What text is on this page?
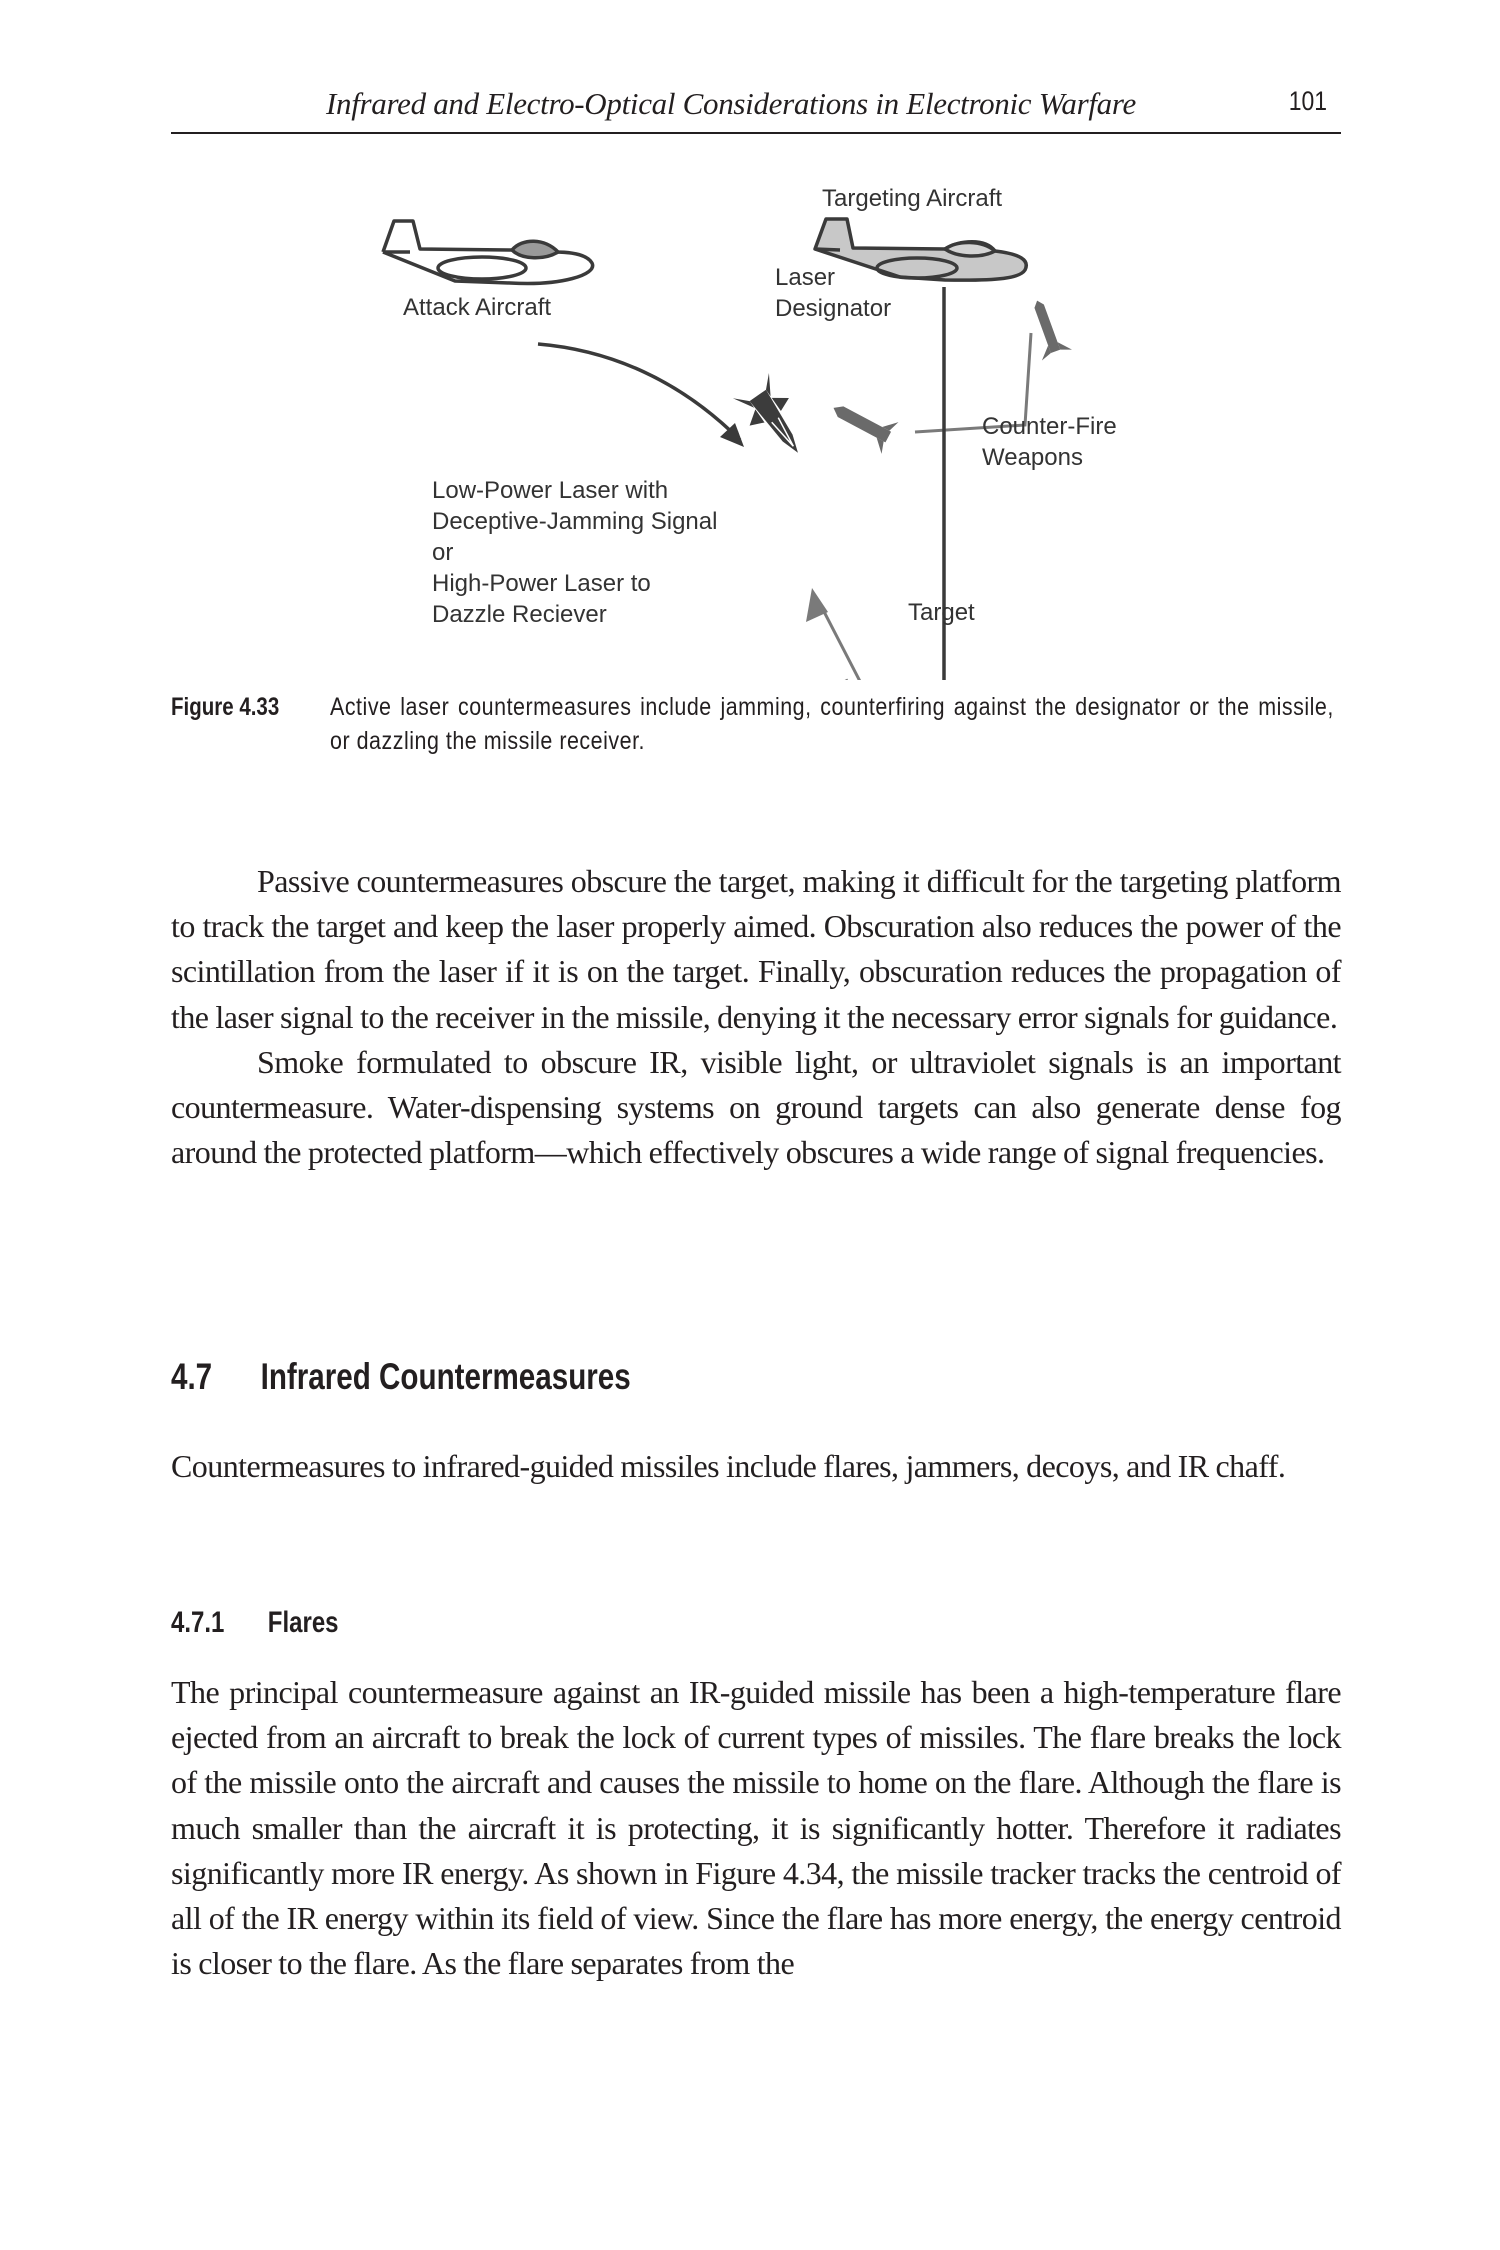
Infrared and Electro-Optical Considerations in Electronic Warfare	101
Targeting Aircraft
Attack Aircraft
Laser
Designator
Counter-Fire
Weapons
Low-Power Laser with
Deceptive-Jamming Signal
or
High-Power Laser to
Dazzle Reciever	Target
Figure 4.33 Active laser countermeasures include jamming, counterfiring against the designator or the missile, or dazzling the missile receiver.

Passive countermeasures obscure the target, making it difficult for the targeting platform to track the target and keep the laser properly aimed. Obscuration also reduces the power of the scintillation from the laser if it is on the target. Finally, obscuration reduces the propagation of the laser signal to the receiver in the missile, denying it the necessary error signals for guidance.

Smoke formulated to obscure IR, visible light, or ultraviolet signals is an important countermeasure. Water-dispensing systems on ground targets can also generate dense fog around the protected platform—which effectively obscures a wide range of signal frequencies.

4.7 Infrared Countermeasures

Countermeasures to infrared-guided missiles include flares, jammers, decoys, and IR chaff.

4.7.1 Flares

The principal countermeasure against an IR-guided missile has been a high-temperature flare ejected from an aircraft to break the lock of current types of missiles. The flare breaks the lock of the missile onto the aircraft and causes the missile to home on the flare. Although the flare is much smaller than the aircraft it is protecting, it is significantly hotter. Therefore it radiates significantly more IR energy. As shown in Figure 4.34, the missile tracker tracks the centroid of all of the IR energy within its field of view. Since the flare has more energy, the energy centroid is closer to the flare. As the flare separates from the
